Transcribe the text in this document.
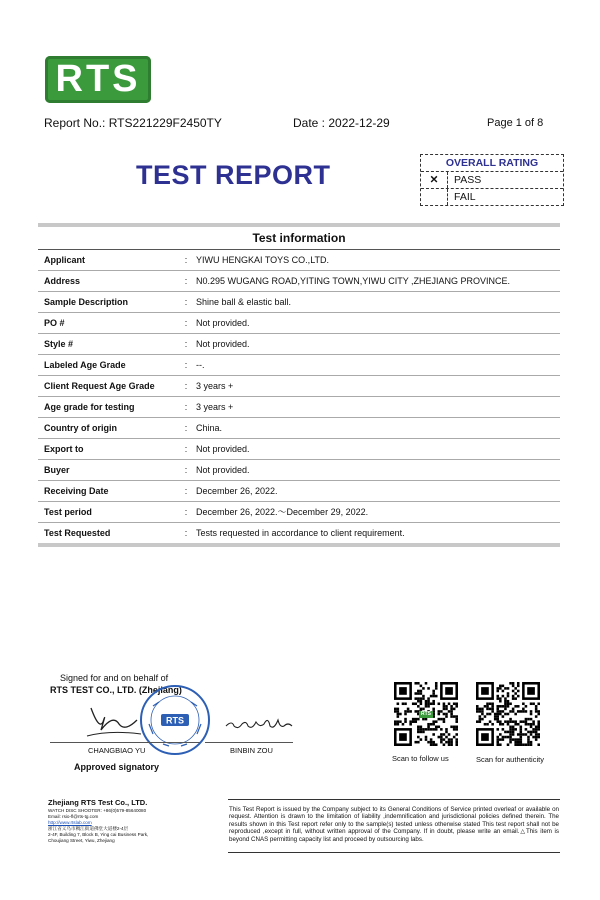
RTS
Report No.: RTS221229F2450TY	Date : 2022-12-29	Page 1 of 8
TEST REPORT	OVERALL RATING
✕	PASS
FAIL
Test information
Applicant	: YIWU HENGKAI TOYS CO.,LTD.
Address	: N0.295 WUGANG ROAD,YITING TOWN,YIWU CITY ,ZHEJIANG PROVINCE.
Sample Description	: Shine ball & elastic ball.
PO #	: Not provided.
Style #	: Not provided.
Labeled Age Grade	: --.
Client Request Age Grade	: 3 years +
Age grade for testing	: 3 years +
Country of origin	: China.
Export to	: Not provided.
Buyer	: Not provided.
Receiving Date	: December 26, 2022.
Test period	: December 26, 2022.～December 29, 2022.
Test Requested	: Tests requested in accordance to client requirement.
Signed for and on behalf of
RTS TEST CO., LTD. (Zhejiang)
RTS
CHANGBIAO YU	BINBIN ZOU
Approved signatory
RTS
Scan to follow us	Scan for authenticity
Zhejiang RTS Test Co., LTD.
WATCH DISC SHOOTER: +86(0)579-85640080
Email: rsio-fl@rts-tg.com
http://www.rtslab.com
浙江省义乌市稠江街道佛堂大道楼2-4层
2-4F, Building 7, Block B, Ying cai Business Park,
Choujiang Street, Yiwu, Zhejiang
This Test Report is issued by the Company subject to its General Conditions of Service printed overleaf or available on request. Attention is drawn to the limitation of liability ,indemnification and jurisdictional policies defined therein. The results shown in this Test report refer only to the sample(s) tested unless otherwise stated This test report shall not be reproduced ,except in full, without written approval of the Company. If in doubt, please write an email.△This item is beyond CNAS permitting capacity list and proceed by outsourcing labs.
